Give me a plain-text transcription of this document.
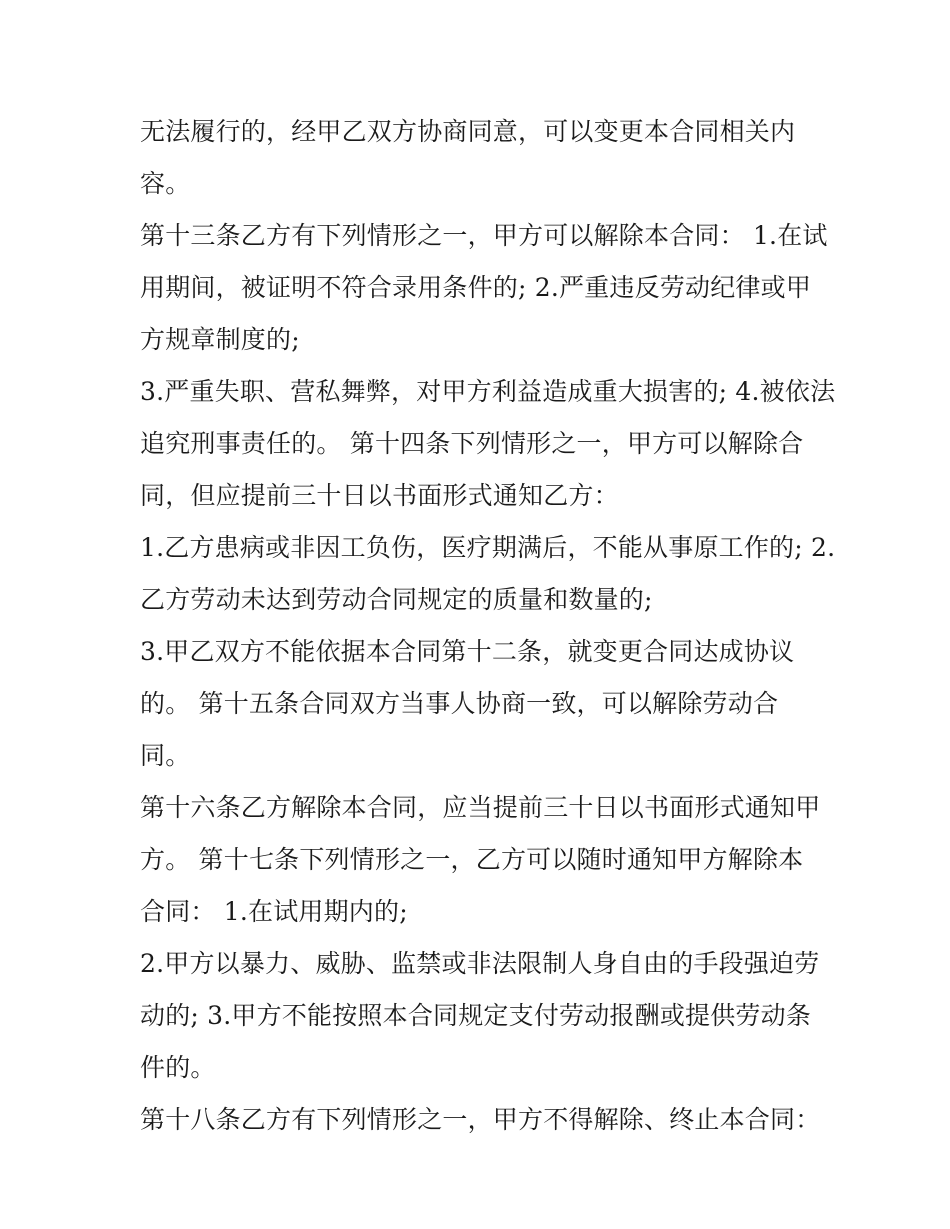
无法履行的，经甲乙双方协商同意，可以变更本合同相关内
容。
第十三条乙方有下列情形之一，甲方可以解除本合同： 1.在试
用期间，被证明不符合录用条件的; 2.严重违反劳动纪律或甲
方规章制度的;
3.严重失职、营私舞弊，对甲方利益造成重大损害的; 4.被依法
追究刑事责任的。 第十四条下列情形之一，甲方可以解除合
同，但应提前三十日以书面形式通知乙方：
1.乙方患病或非因工负伤，医疗期满后，不能从事原工作的; 2.
乙方劳动未达到劳动合同规定的质量和数量的;
3.甲乙双方不能依据本合同第十二条，就变更合同达成协议
的。 第十五条合同双方当事人协商一致，可以解除劳动合
同。
第十六条乙方解除本合同，应当提前三十日以书面形式通知甲
方。 第十七条下列情形之一，乙方可以随时通知甲方解除本
合同： 1.在试用期内的;
2.甲方以暴力、威胁、监禁或非法限制人身自由的手段强迫劳
动的; 3.甲方不能按照本合同规定支付劳动报酬或提供劳动条
件的。
第十八条乙方有下列情形之一，甲方不得解除、终止本合同：
